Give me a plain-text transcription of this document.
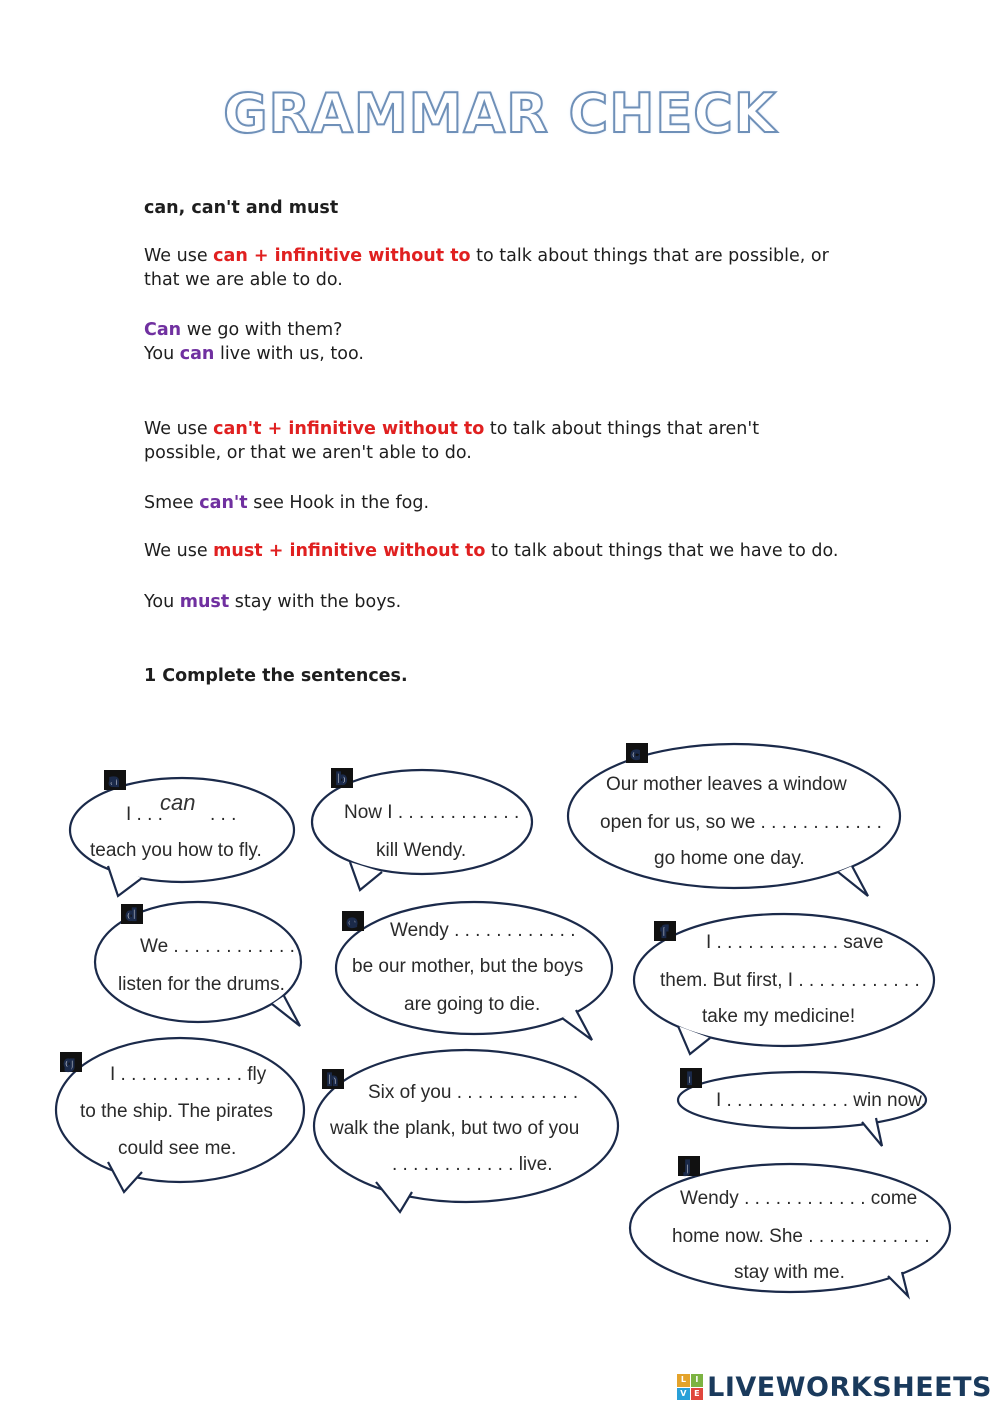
GRAMMAR CHECK

can, can't and must

We use can + infinitive without to to talk about things that are possible, or
that we are able to do.

Can we go with them?

You can live with us, too.

We use can't + infinitive without to to talk about things that aren't
possible, or that we aren't able to do.

Smee can't see Hook in the fog.

We use must + infinitive without to to talk about things that we have to do.

You must stay with the boys.

1 Complete the sentences.

a
I . . .
can . . .
teach you how to fly.
b
Now I . . . . . . . . . . . .
kill Wendy.
c
Our mother leaves a window
open for us, so we . . . . . . . . . . . .
go home one day.
d
We . . . . . . . . . . . .
listen for the drums.
e Wendy . . . . . . . . . . . .
be our mother, but the boys
are going to die.
f I . . . . . . . . . . . . save
them. But first, I . . . . . . . . . . . .
take my medicine!
g
I . . . . . . . . . . . . fly
to the ship. The pirates
could see me.
h
Six of you . . . . . . . . . . . .
walk the plank, but two of you
. . . . . . . . . . . . live.
i
I . . . . . . . . . . . . win now.
j
Wendy . . . . . . . . . . . . come
home now. She . . . . . . . . . . . .
stay with me.
L	I
V E LIVEWORKSHEETS
